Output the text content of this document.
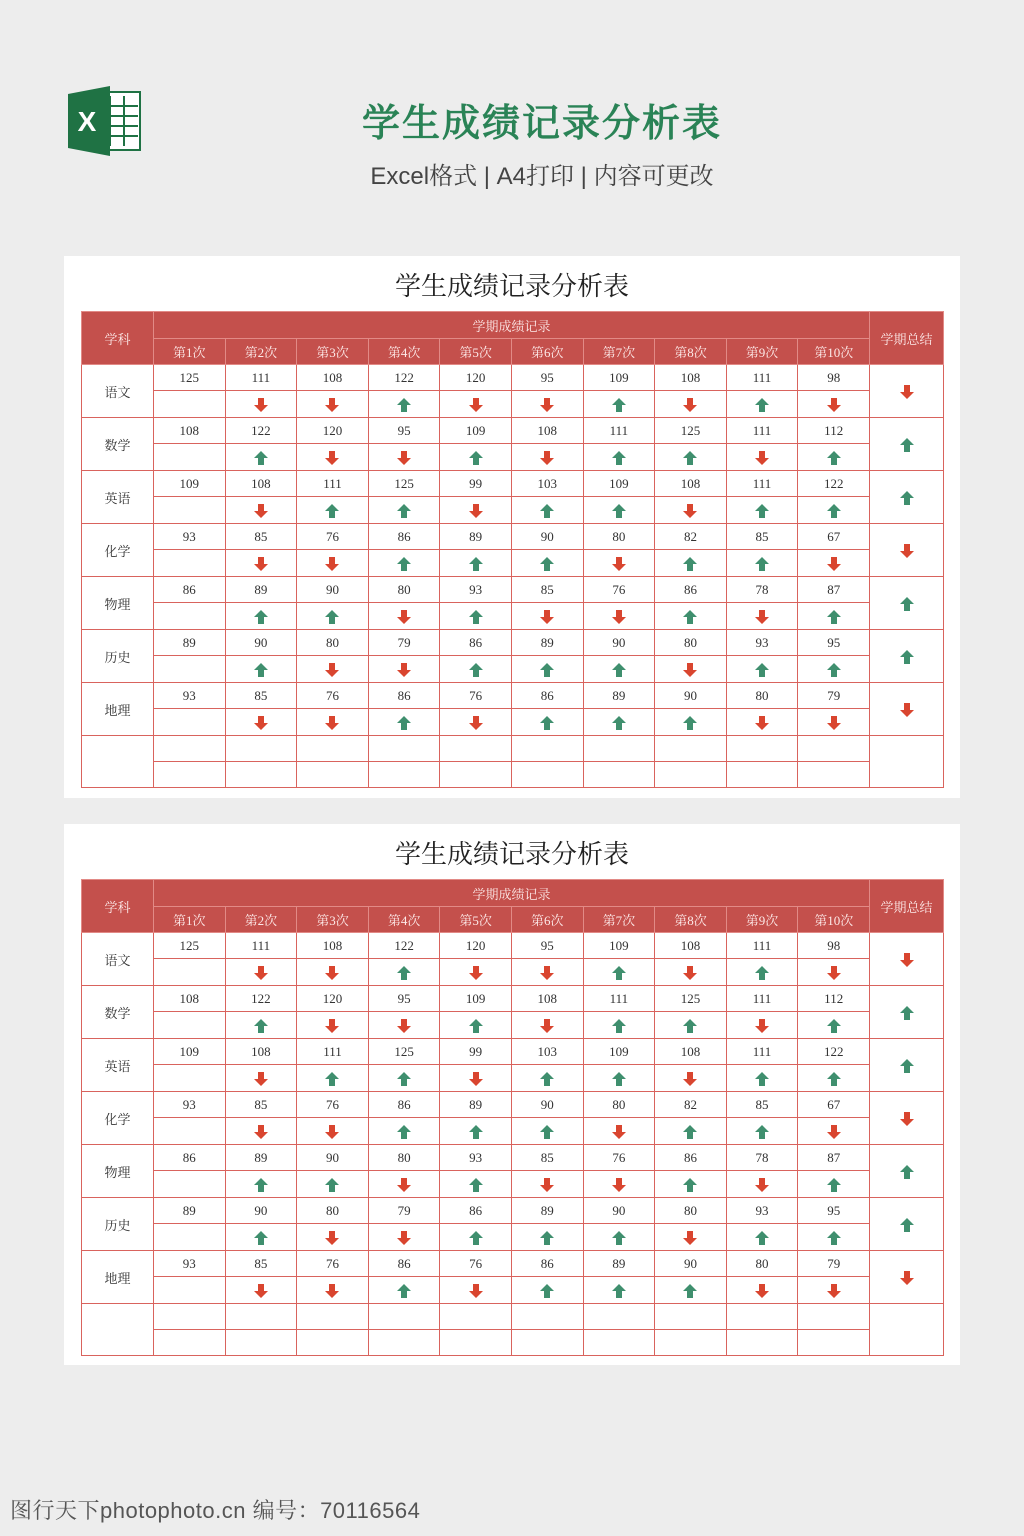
X	学生成绩记录分析表
Excel格式 | A4打印 | 内容可更改
学生成绩记录分析表
学科	学期成绩记录										学期总结
	第1次	第2次	第3次	第4次	第5次	第6次	第7次	第8次	第9次	第10次	
语文	125	111	108	122	120	95	109	108	111	98	

数学	108	122	120	95	109	108	111	125	111	112	

英语	109	108	111	125	99	103	109	108	111	122	

化学	93	85	76	86	89	90	80	82	85	67	

物理	86	89	90	80	93	85	76	86	78	87	

历史	89	90	80	79	86	89	90	80	93	95	

地理	93	85	76	86	76	86	89	90	80	79	

学生成绩记录分析表
学科	学期成绩记录										学期总结
	第1次	第2次	第3次	第4次	第5次	第6次	第7次	第8次	第9次	第10次	
语文	125	111	108	122	120	95	109	108	111	98	

数学	108	122	120	95	109	108	111	125	111	112	

英语	109	108	111	125	99	103	109	108	111	122	

化学	93	85	76	86	89	90	80	82	85	67	

物理	86	89	90	80	93	85	76	86	78	87	

历史	89	90	80	79	86	89	90	80	93	95	

地理	93	85	76	86	76	86	89	90	80	79	

图行天下photophoto.cn 编号：70116564
